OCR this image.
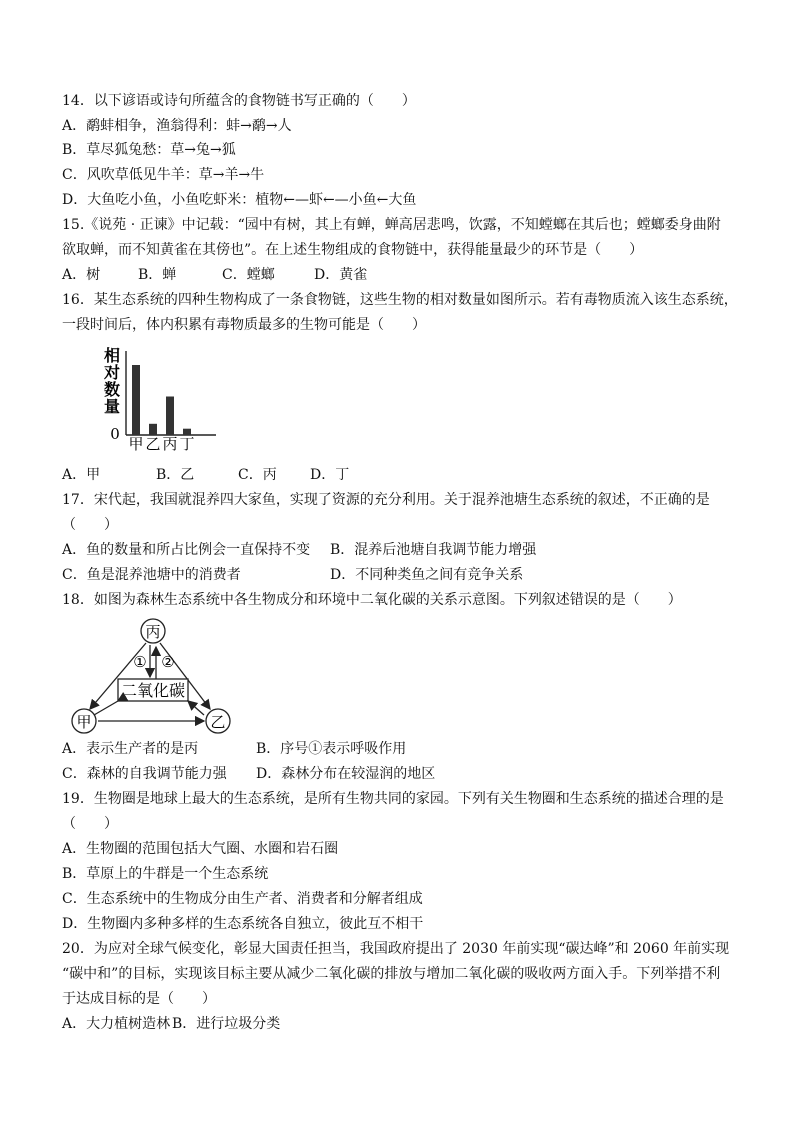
14．以下谚语或诗句所蕴含的食物链书写正确的（　　）
A．鹬蚌相争，渔翁得利：蚌→鹬→人
B．草尽狐兔愁：草→兔→狐
C．风吹草低见牛羊：草→羊→牛
D．大鱼吃小鱼，小鱼吃虾米：植物←—虾←—小鱼←大鱼
15.《说苑 · 正谏》中记载：“园中有树，其上有蝉，蝉高居悲鸣，饮露，不知螳螂在其后也；螳螂委身曲附
欲取蝉，而不知黄雀在其傍也”。在上述生物组成的食物链中，获得能量最少的环节是（　　）
A．树	B．蝉	C．螳螂	D．黄雀
16．某生态系统的四种生物构成了一条食物链，这些生物的相对数量如图所示。若有毒物质流入该生态系统，
一段时间后，体内积累有毒物质最多的生物可能是（　　）
相
对
数
量
0
甲 乙 丙 丁
A．甲	B．乙	C．丙 D．丁
17．宋代起，我国就混养四大家鱼，实现了资源的充分利用。关于混养池塘生态系统的叙述，不正确的是
（　　）
A．鱼的数量和所占比例会一直保持不变 B．混养后池塘自我调节能力增强
C．鱼是混养池塘中的消费者	D．不同种类鱼之间有竞争关系
18．如图为森林生态系统中各生物成分和环境中二氧化碳的关系示意图。下列叙述错误的是（　　）
二氧化碳
① ②
丙
甲	乙
A．表示生产者的是丙	B．序号①表示呼吸作用
C．森林的自我调节能力强 D．森林分布在较湿润的地区
19．生物圈是地球上最大的生态系统，是所有生物共同的家园。下列有关生物圈和生态系统的描述合理的是
（　　）
A．生物圈的范围包括大气圈、水圈和岩石圈
B．草原上的牛群是一个生态系统
C．生态系统中的生物成分由生产者、消费者和分解者组成
D．生物圈内多种多样的生态系统各自独立，彼此互不相干
20．为应对全球气候变化，彰显大国责任担当，我国政府提出了 2030 年前实现“碳达峰”和 2060 年前实现
“碳中和”的目标，实现该目标主要从减少二氧化碳的排放与增加二氧化碳的吸收两方面入手。下列举措不利
于达成目标的是（　　）
A．大力植树造林 B．进行垃圾分类
